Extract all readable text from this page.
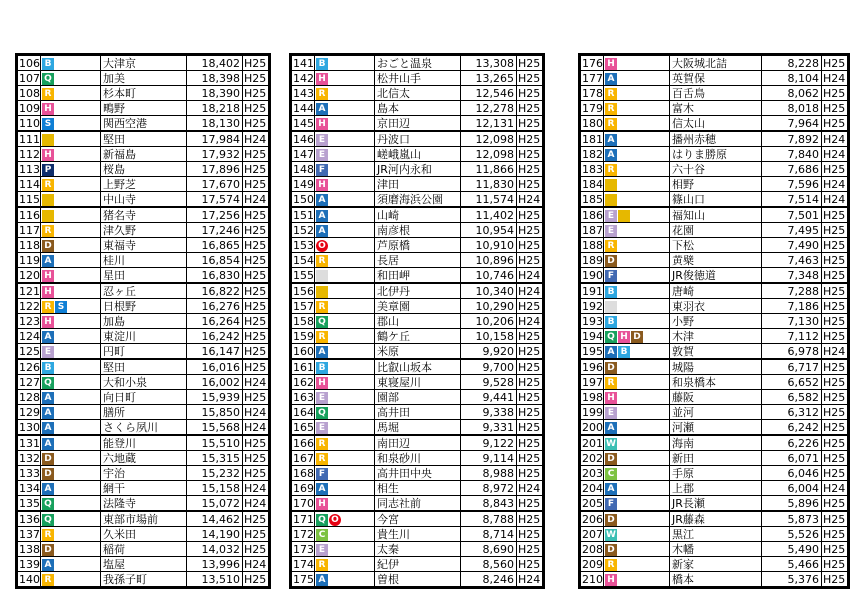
106	B	大津京	18,402	H25
107	Q	加美	18,398	H25
108	R	杉本町	18,390	H25
109	H	鴫野	18,218	H25
110	S	関西空港	18,130	H25
111		堅田	17,984	H24
112	H	新福島	17,932	H25
113	P	桜島	17,896	H25
114	R	上野芝	17,670	H25
115		中山寺	17,574	H24
116		猪名寺	17,256	H25
117	R	津久野	17,246	H25
118	D	東福寺	16,865	H25
119	A	桂川	16,854	H25
120	H	星田	16,830	H25
121	H	忍ヶ丘	16,822	H25
122	R S	日根野	16,276	H25
123	H	加島	16,264	H25
124	A	東淀川	16,242	H25
125	E	円町	16,147	H25
126	B	堅田	16,016	H25
127	Q	大和小泉	16,002	H24
128	A	向日町	15,939	H25
129	A	膳所	15,850	H24
130	A	さくら夙川	15,568	H24
131	A	能登川	15,510	H25
132	D	六地蔵	15,315	H25
133	D	宇治	15,232	H25
134	A	網干	15,158	H24
135	Q	法隆寺	15,072	H24
136	Q	東部市場前	14,462	H25
137	R	久米田	14,190	H25
138	D	稲荷	14,032	H25
139	A	塩屋	13,996	H24
140	R	我孫子町	13,510	H25
141	B	おごと温泉	13,308	H25
142	H	松井山手	13,265	H25
143	R	北信太	12,546	H25
144	A	島本	12,278	H25
145	H	京田辺	12,131	H25
146	E	丹波口	12,098	H25
147	E	嵯峨嵐山	12,098	H25
148	F	JR河内永和	11,866	H25
149	H	津田	11,830	H25
150	A	須磨海浜公園	11,574	H24
151	A	山崎	11,402	H25
152	A	南彦根	10,954	H25
153	O	芦原橋	10,910	H25
154	R	長居	10,896	H25
155		和田岬	10,746	H24
156		北伊丹	10,340	H24
157	R	美章園	10,290	H25
158	Q	郡山	10,206	H24
159	R	鶴ケ丘	10,158	H25
160	A	米原	9,920	H25
161	B	比叡山坂本	9,700	H25
162	H	東寝屋川	9,528	H25
163	E	園部	9,441	H25
164	Q	高井田	9,338	H25
165	E	馬堀	9,331	H25
166	R	南田辺	9,122	H25
167	R	和泉砂川	9,114	H25
168	F	高井田中央	8,988	H25
169	A	相生	8,972	H24
170	H	同志社前	8,843	H25
171	Q O	今宮	8,788	H25
172	C	貴生川	8,714	H25
173	E	太秦	8,690	H25
174	R	紀伊	8,560	H25
175	A	曽根	8,246	H24
176	H	大阪城北詰	8,228	H25
177	A	英賀保	8,104	H24
178	R	百舌鳥	8,062	H25
179	R	富木	8,018	H25
180	R	信太山	7,964	H25
181	A	播州赤穂	7,892	H24
182	A	はりま勝原	7,840	H24
183	R	六十谷	7,686	H25
184		相野	7,596	H24
185		篠山口	7,514	H24
186	E	福知山	7,501	H25
187	E	花園	7,495	H25
188	R	下松	7,490	H25
189	D	黄檗	7,463	H25
190	F	JR俊徳道	7,348	H25
191	B	唐崎	7,288	H25
192		東羽衣	7,186	H25
193	B	小野	7,130	H25
194	Q H D	木津	7,112	H25
195	A B	敦賀	6,978	H24
196	D	城陽	6,717	H25
197	R	和泉橋本	6,652	H25
198	H	藤阪	6,582	H25
199	E	並河	6,312	H25
200	A	河瀬	6,242	H25
201	W	海南	6,226	H25
202	D	新田	6,071	H25
203	C	手原	6,046	H25
204	A	上郡	6,004	H24
205	F	JR長瀬	5,896	H25
206	D	JR藤森	5,873	H25
207	W	黒江	5,526	H25
208	D	木幡	5,490	H25
209	R	新家	5,466	H25
210	H	橋本	5,376	H25
